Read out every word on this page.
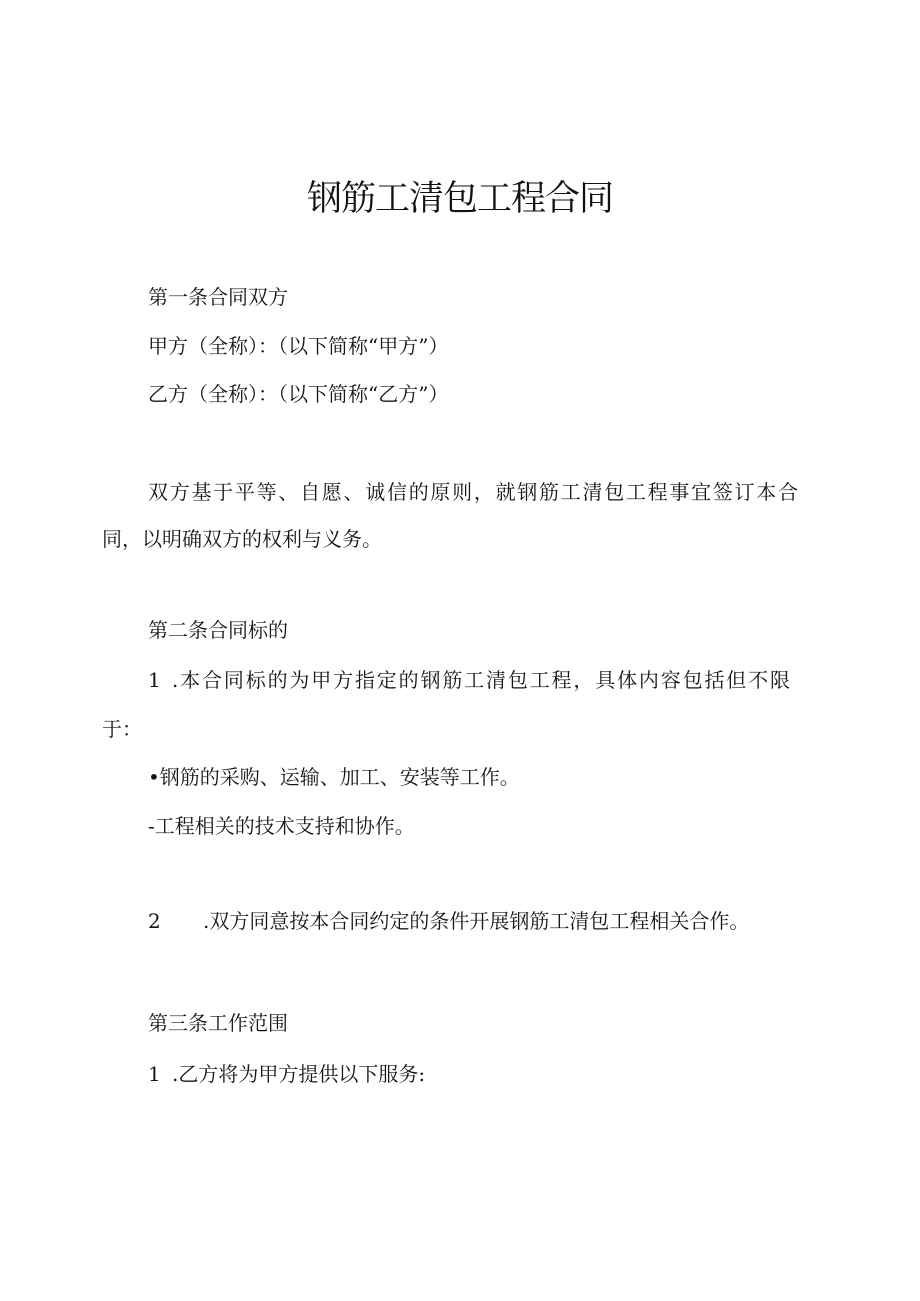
钢筋工清包工程合同
第一条合同双方
甲方（全称）：（以下简称“甲方”）
乙方（全称）：（以下简称“乙方”）
双方基于平等、自愿、诚信的原则，就钢筋工清包工程事宜签订本合
同，以明确双方的权利与义务。
第二条合同标的
1 .本合同标的为甲方指定的钢筋工清包工程，具体内容包括但不限
于：
•钢筋的采购、运输、加工、安装等工作。
-工程相关的技术支持和协作。
2 .双方同意按本合同约定的条件开展钢筋工清包工程相关合作。
第三条工作范围
1 .乙方将为甲方提供以下服务:
